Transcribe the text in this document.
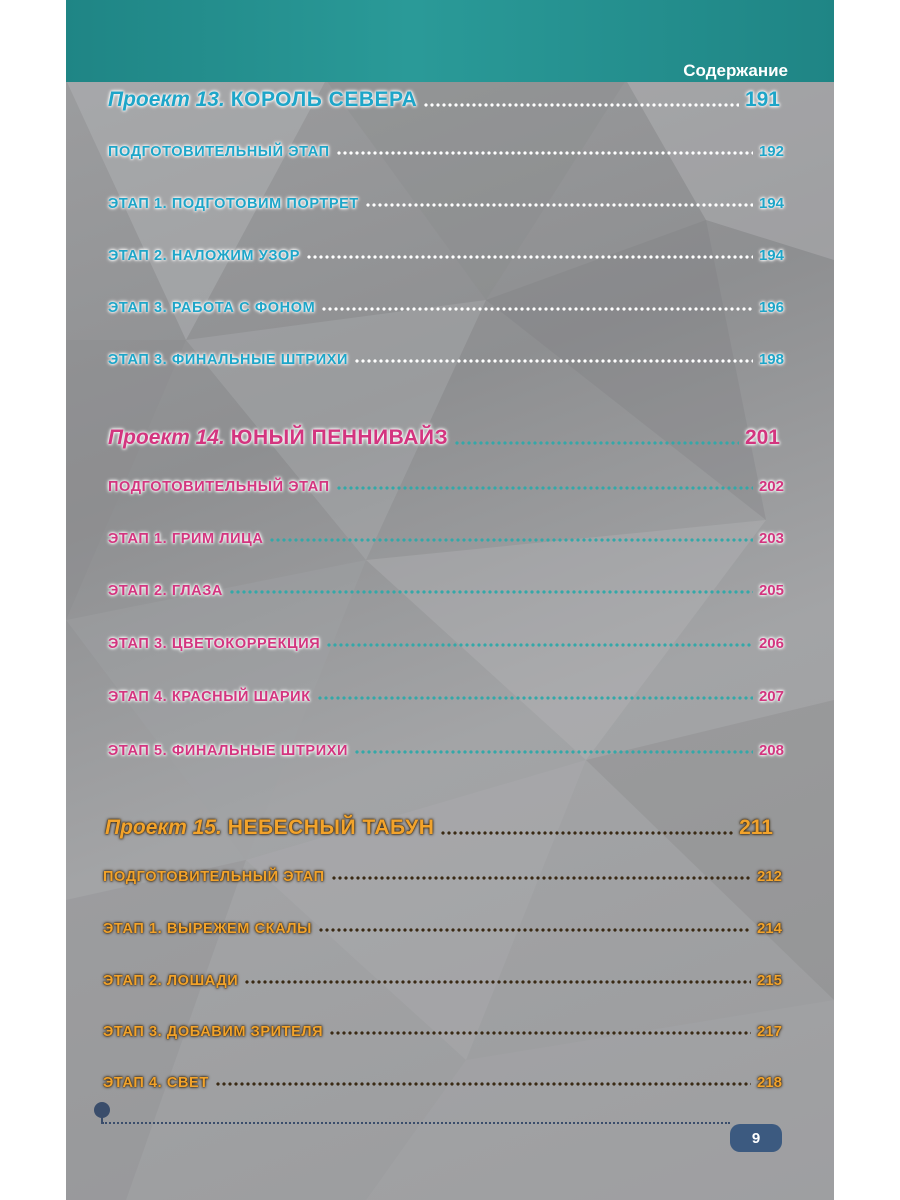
Содержание
Проект 13. КОРОЛЬ СЕВЕРА	191
ПОДГОТОВИТЕЛЬНЫЙ ЭТАП	192
ЭТАП 1. ПОДГОТОВИМ ПОРТРЕТ	194
ЭТАП 2. НАЛОЖИМ УЗОР	194
ЭТАП 3. РАБОТА С ФОНОМ	196
ЭТАП 3. ФИНАЛЬНЫЕ ШТРИХИ	198
Проект 14. ЮНЫЙ ПЕННИВАЙЗ	201
ПОДГОТОВИТЕЛЬНЫЙ ЭТАП	202
ЭТАП 1. ГРИМ ЛИЦА	203
ЭТАП 2. ГЛАЗА	205
ЭТАП 3. ЦВЕТОКОРРЕКЦИЯ	206
ЭТАП 4. КРАСНЫЙ ШАРИК	207
ЭТАП 5. ФИНАЛЬНЫЕ ШТРИХИ	208
Проект 15. НЕБЕСНЫЙ ТАБУН	211
ПОДГОТОВИТЕЛЬНЫЙ ЭТАП	212
ЭТАП 1. ВЫРЕЖЕМ СКАЛЫ	214
ЭТАП 2. ЛОШАДИ	215
ЭТАП 3. ДОБАВИМ ЗРИТЕЛЯ	217
ЭТАП 4. СВЕТ	218
9
